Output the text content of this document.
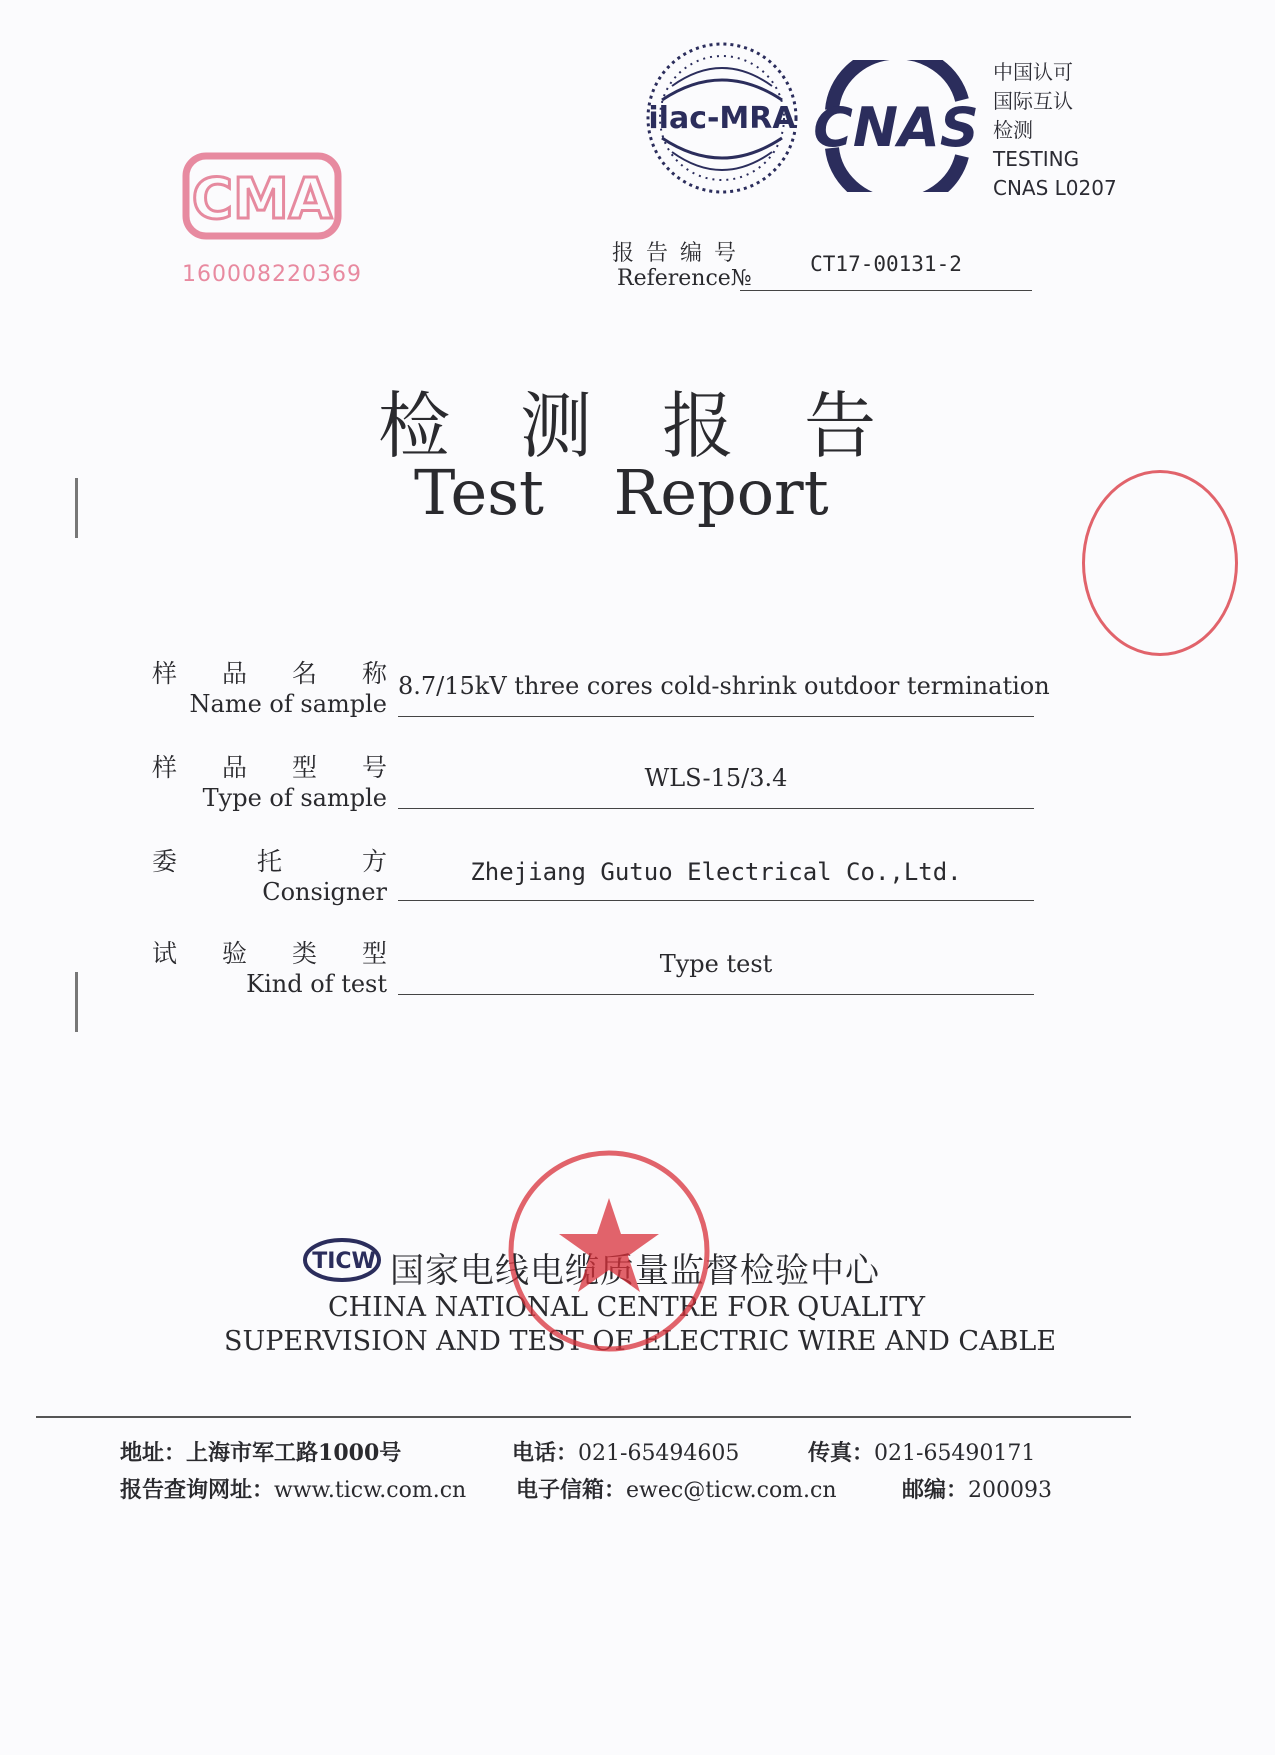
CMA
160008220369
ilac-MRA CNAS
中国认可
国际互认
检测
TESTING
CNAS L0207
报告编号
Reference№
CT17-00131-2
检测报告
Test Report
样 品 名 称
Name of sample
8.7/15kV three cores cold-shrink outdoor termination
样 品 型 号
Type of sample
WLS-15/3.4
委	托	方
Consigner
Zhejiang Gutuo Electrical Co.,Ltd.
试 验 类 型
Kind of test
Type test
TICW 国家电线电缆质量监督检验中心
CHINA NATIONAL CENTRE FOR QUALITY
SUPERVISION AND TEST OF ELECTRIC WIRE AND CABLE
地址：上海市军工路1000号	电话：021-65494605	传真：021-65490171
报告查询网址：www.ticw.com.cn 电子信箱：ewec@ticw.com.cn	邮编：200093
